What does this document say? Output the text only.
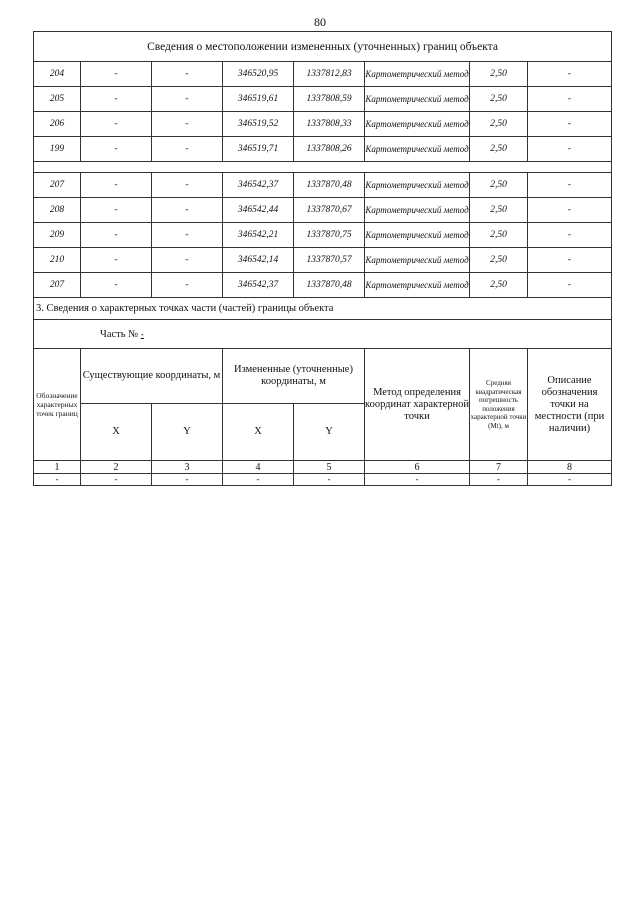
80
Сведения о местоположении измененных (уточненных) границ объекта							
204	-	-	346520,95	1337812,83	Картометрический метод	2,50	-
205	-	-	346519,61	1337808,59	Картометрический метод	2,50	-
206	-	-	346519,52	1337808,33	Картометрический метод	2,50	-
199	-	-	346519,71	1337808,26	Картометрический метод	2,50	-

207	-	-	346542,37	1337870,48	Картометрический метод	2,50	-
208	-	-	346542,44	1337870,67	Картометрический метод	2,50	-
209	-	-	346542,21	1337870,75	Картометрический метод	2,50	-
210	-	-	346542,14	1337870,57	Картометрический метод	2,50	-
207	-	-	346542,37	1337870,48	Картометрический метод	2,50	-
3. Сведения о характерных точках части (частей) границы объекта							
Часть № -							
Обозначение характерных точек границ	Существующие координаты, м		Измененные (уточненные) координаты, м		Метод определения координат характерной точки	Средняя квадратическая погрешность положения характерной точки (Mt), м	Описание обозначения точки на местности (при наличии)
	X	Y	X	Y			
1	2	3	4	5	6	7	8
-	-	-	-	-	-	-	-
